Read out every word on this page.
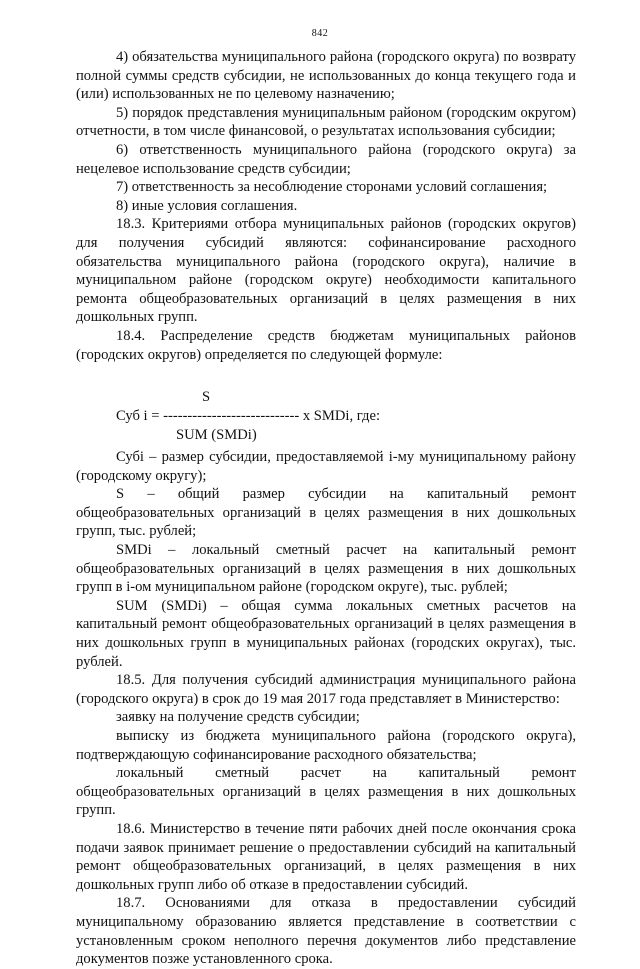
842

4) обязательства муниципального района (городского округа) по возврату полной суммы средств субсидии, не использованных до конца текущего года и (или) использованных не по целевому назначению;

5) порядок представления муниципальным районом (городским округом) отчетности, в том числе финансовой, о результатах использования субсидии;

6) ответственность муниципального района (городского округа) за нецелевое использование средств субсидии;

7) ответственность за несоблюдение сторонами условий соглашения;

8) иные условия соглашения.

18.3. Критериями отбора муниципальных районов (городских округов) для получения субсидий являются: софинансирование расходного обязательства муниципального района (городского округа), наличие в муниципальном районе (городском округе) необходимости капитального ремонта общеобразовательных организаций в целях размещения в них дошкольных групп.

18.4. Распределение средств бюджетам муниципальных районов (городских округов) определяется по следующей формуле:

S
Суб i = ---------------------------- х SMDi, где:
SUM (SMDi)

Субi – размер субсидии, предоставляемой i-му муниципальному району (городскому округу);

S – общий размер субсидии на капитальный ремонт общеобразовательных организаций в целях размещения в них дошкольных групп, тыс. рублей;

SMDi – локальный сметный расчет на капитальный ремонт общеобразовательных организаций в целях размещения в них дошкольных групп в i-ом муниципальном районе (городском округе), тыс. рублей;

SUM (SMDi) – общая сумма локальных сметных расчетов на капитальный ремонт общеобразовательных организаций в целях размещения в них дошкольных групп в муниципальных районах (городских округах), тыс. рублей.

18.5. Для получения субсидий администрация муниципального района (городского округа) в срок до 19 мая 2017 года представляет в Министерство:

заявку на получение средств субсидии;

выписку из бюджета муниципального района (городского округа), подтверждающую софинансирование расходного обязательства;

локальный сметный расчет на капитальный ремонт общеобразовательных организаций в целях размещения в них дошкольных групп.

18.6. Министерство в течение пяти рабочих дней после окончания срока подачи заявок принимает решение о предоставлении субсидий на капитальный ремонт общеобразовательных организаций, в целях размещения в них дошкольных групп либо об отказе в предоставлении субсидий.

18.7. Основаниями для отказа в предоставлении субсидий муниципальному образованию является представление в соответствии с установленным сроком неполного перечня документов либо представление документов позже установленного срока.
